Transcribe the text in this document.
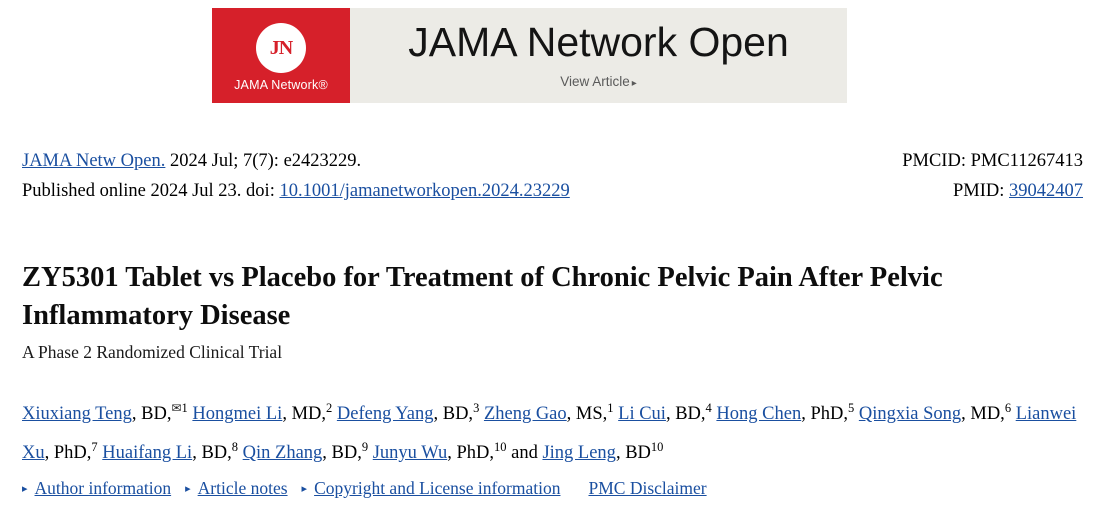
JN
JAMA Network®
JAMA Network Open
View Article ▸
JAMA Netw Open. 2024 Jul; 7(7): e2423229.	PMCID: PMC11267413
Published online 2024 Jul 23. doi: 10.1001/jamanetworkopen.2024.23229	PMID: 39042407
ZY5301 Tablet vs Placebo for Treatment of Chronic Pelvic Pain After Pelvic Inflammatory Disease
A Phase 2 Randomized Clinical Trial
Xiuxiang Teng, BD,$^{✉1}$ Hongmei Li, MD,$^2$ Defeng Yang, BD,$^3$ Zheng Gao, MS,$^1$ Li Cui, BD,$^4$ Hong Chen, PhD,$^5$ Qingxia Song, MD,$^6$ Lianwei Xu, PhD,$^7$ Huaifang Li, BD,$^8$ Qin Zhang, BD,$^9$ Junyu Wu, PhD,$^{10}$ and Jing Leng, BD$^{10}$
▸ Author information ▸ Article notes ▸ Copyright and License information PMC Disclaimer
